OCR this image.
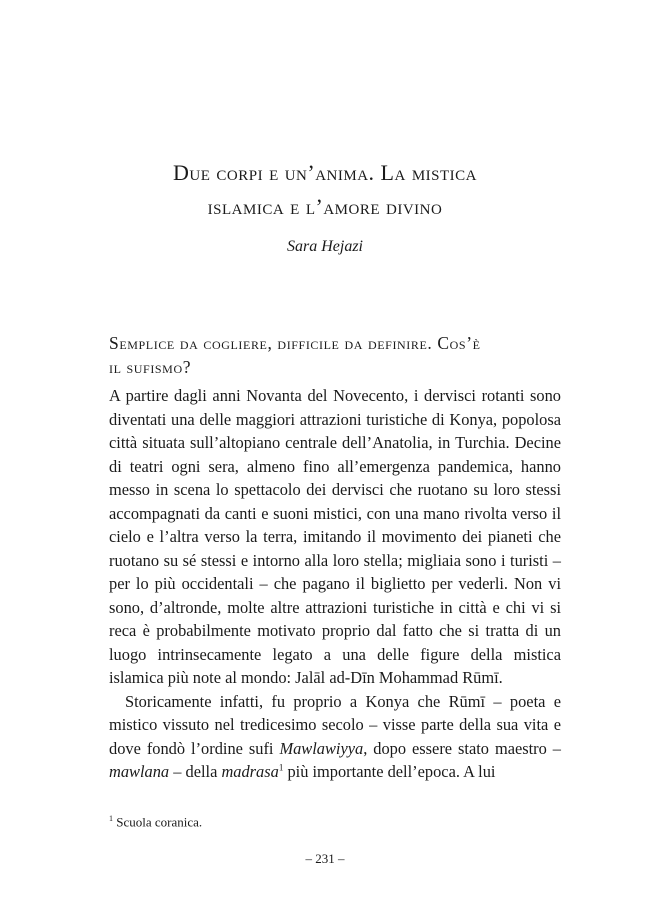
Due corpi e un’anima. La mistica
islamica e l’amore divino

Sara Hejazi

Semplice da cogliere, difficile da definire. Cos’è
il sufismo?

A partire dagli anni Novanta del Novecento, i dervisci rotanti sono diventati una delle maggiori attrazioni turistiche di Konya, popolosa città situata sull’altopiano centrale dell’Anatolia, in Turchia. Decine di teatri ogni sera, almeno fino all’emergenza pandemica, hanno messo in scena lo spettacolo dei dervisci che ruotano su loro stessi accompagnati da canti e suoni mistici, con una mano rivolta verso il cielo e l’altra verso la terra, imitando il movimento dei pianeti che ruotano su sé stessi e intorno alla loro stella; migliaia sono i turisti – per lo più occidentali – che pagano il biglietto per vederli. Non vi sono, d’altronde, molte altre attrazioni turistiche in città e chi vi si reca è probabilmente motivato proprio dal fatto che si tratta di un luogo intrinsecamente legato a una delle figure della mistica islamica più note al mondo: Jalāl ad-Dīn Mohammad Rūmī.

Storicamente infatti, fu proprio a Konya che Rūmī – poeta e mistico vissuto nel tredicesimo secolo – visse parte della sua vita e dove fondò l’ordine sufi Mawlawiyya, dopo essere stato maestro – mawlana – della madrasa$^1$ più importante dell’epoca. A lui

$^1$ Scuola coranica.

– 231 –
